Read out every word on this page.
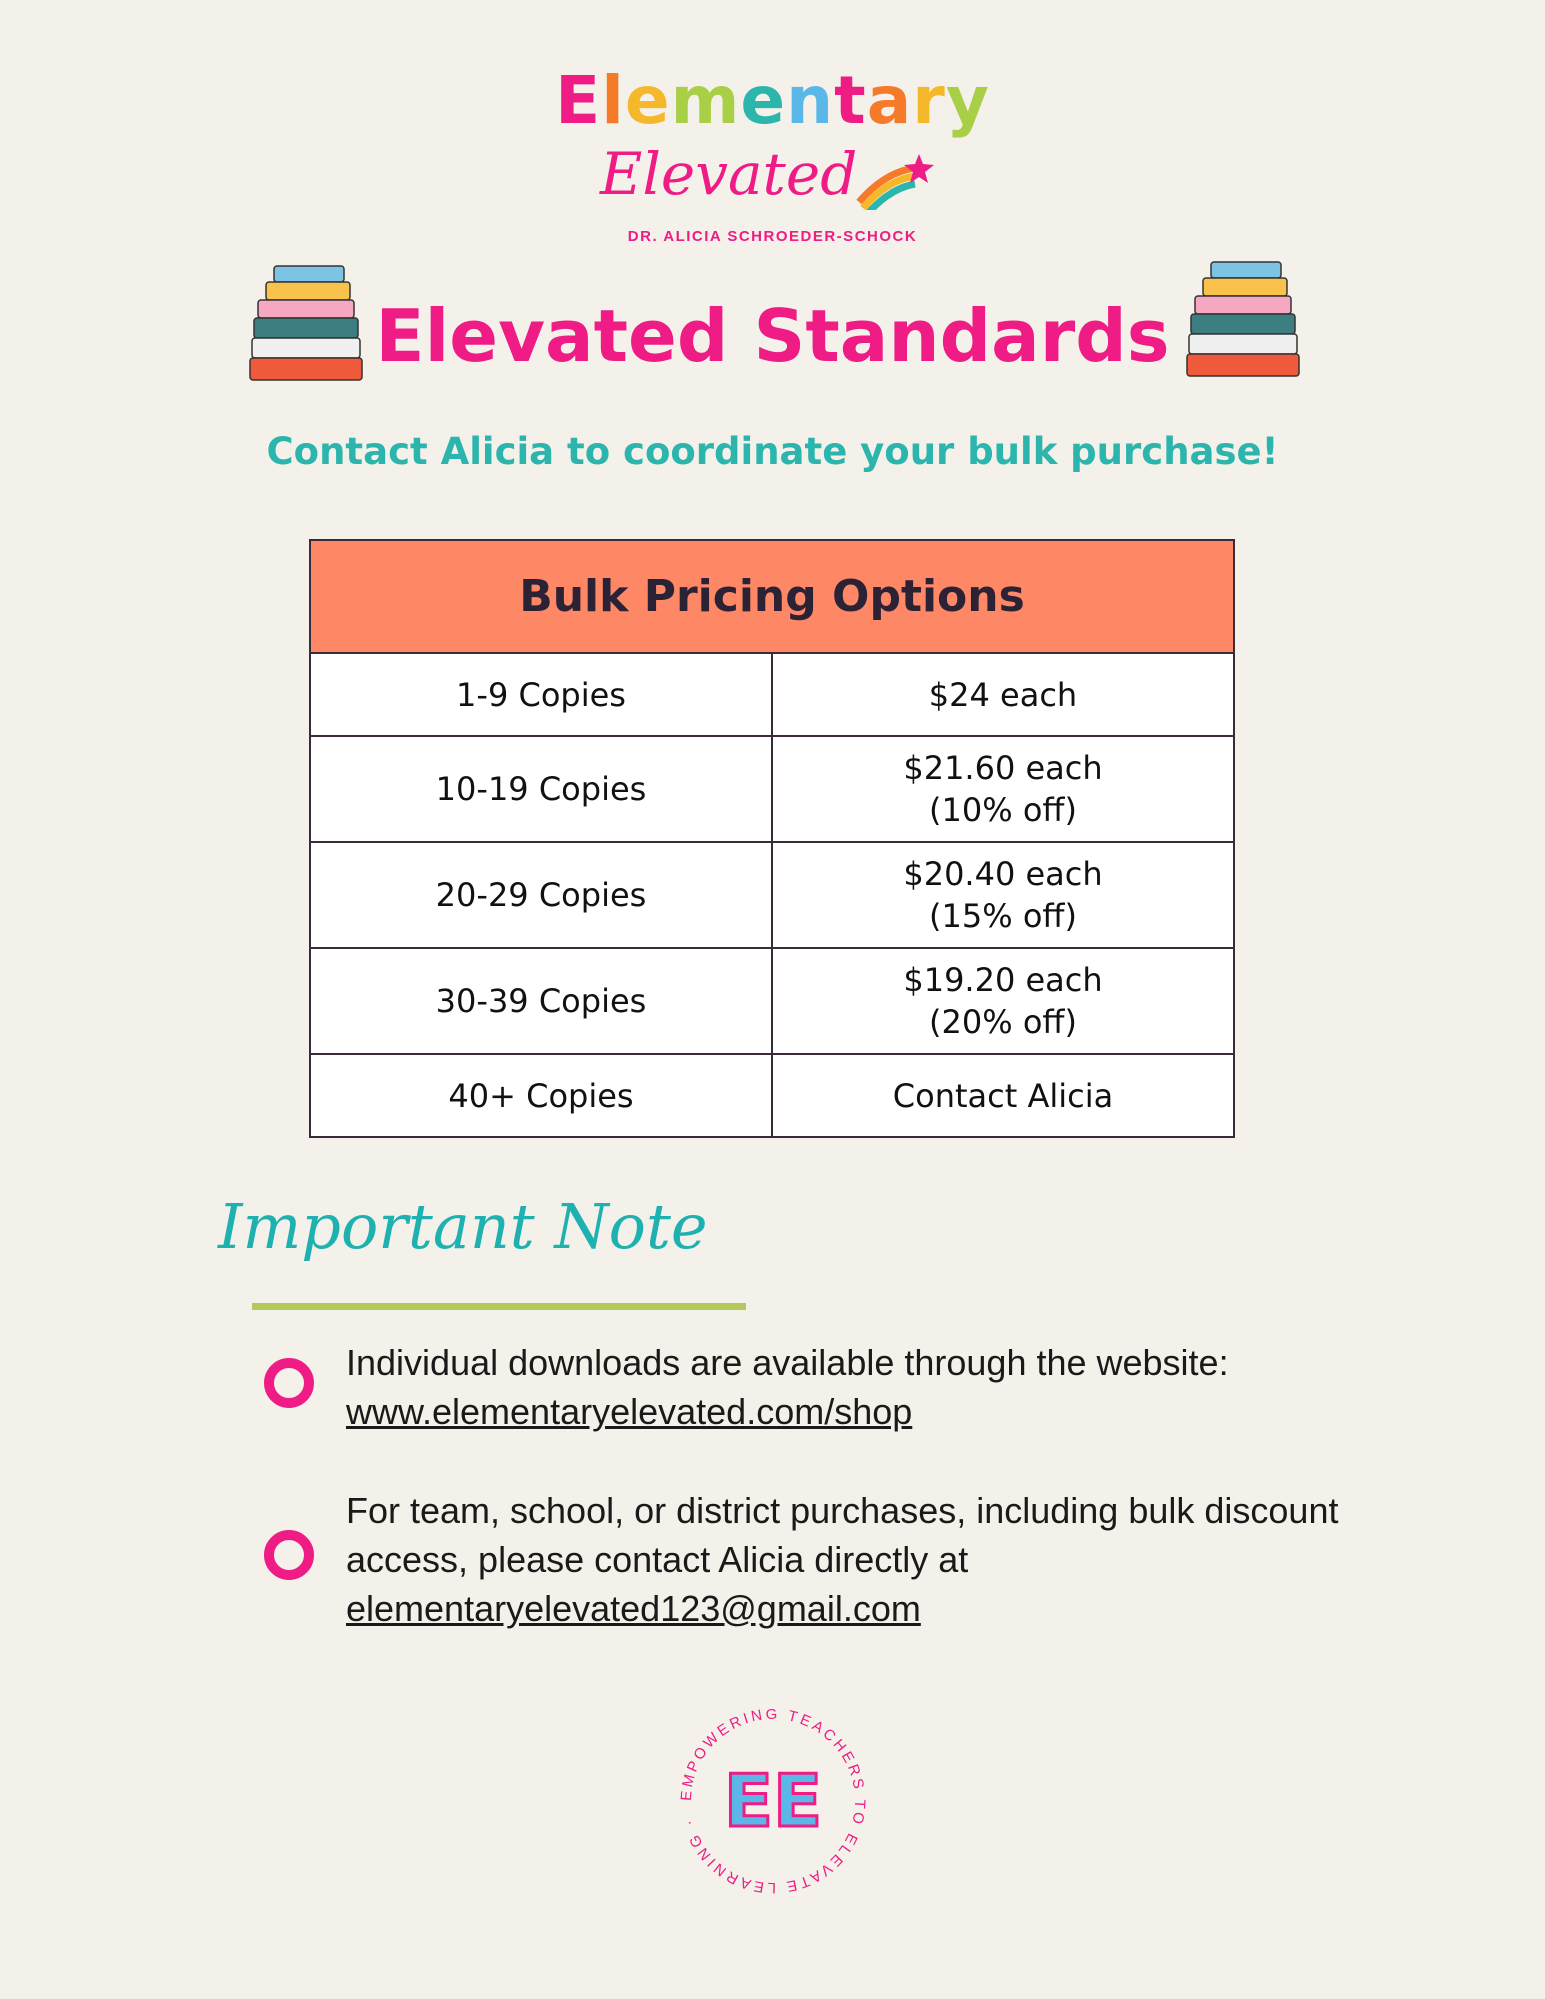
Elementary
Elevated
DR. ALICIA SCHROEDER-SCHOCK
Elevated Standards
Contact Alicia to coordinate your bulk purchase!
Bulk Pricing Options	
1-9 Copies	$24 each

10-19 Copies	$21.60 each
(10% off)

20-29 Copies	$20.40 each
(15% off)

30-39 Copies	$19.20 each
(20% off)

40+ Copies	Contact Alicia
Important Note
Individual downloads are available through the website:
www.elementaryelevated.com/shop
For team, school, or district purchases, including bulk discount access, please contact Alicia directly at
elementaryelevated123@gmail.com
EMPOWERING TEACHERS TO ELEVATE LEARNING · EE
